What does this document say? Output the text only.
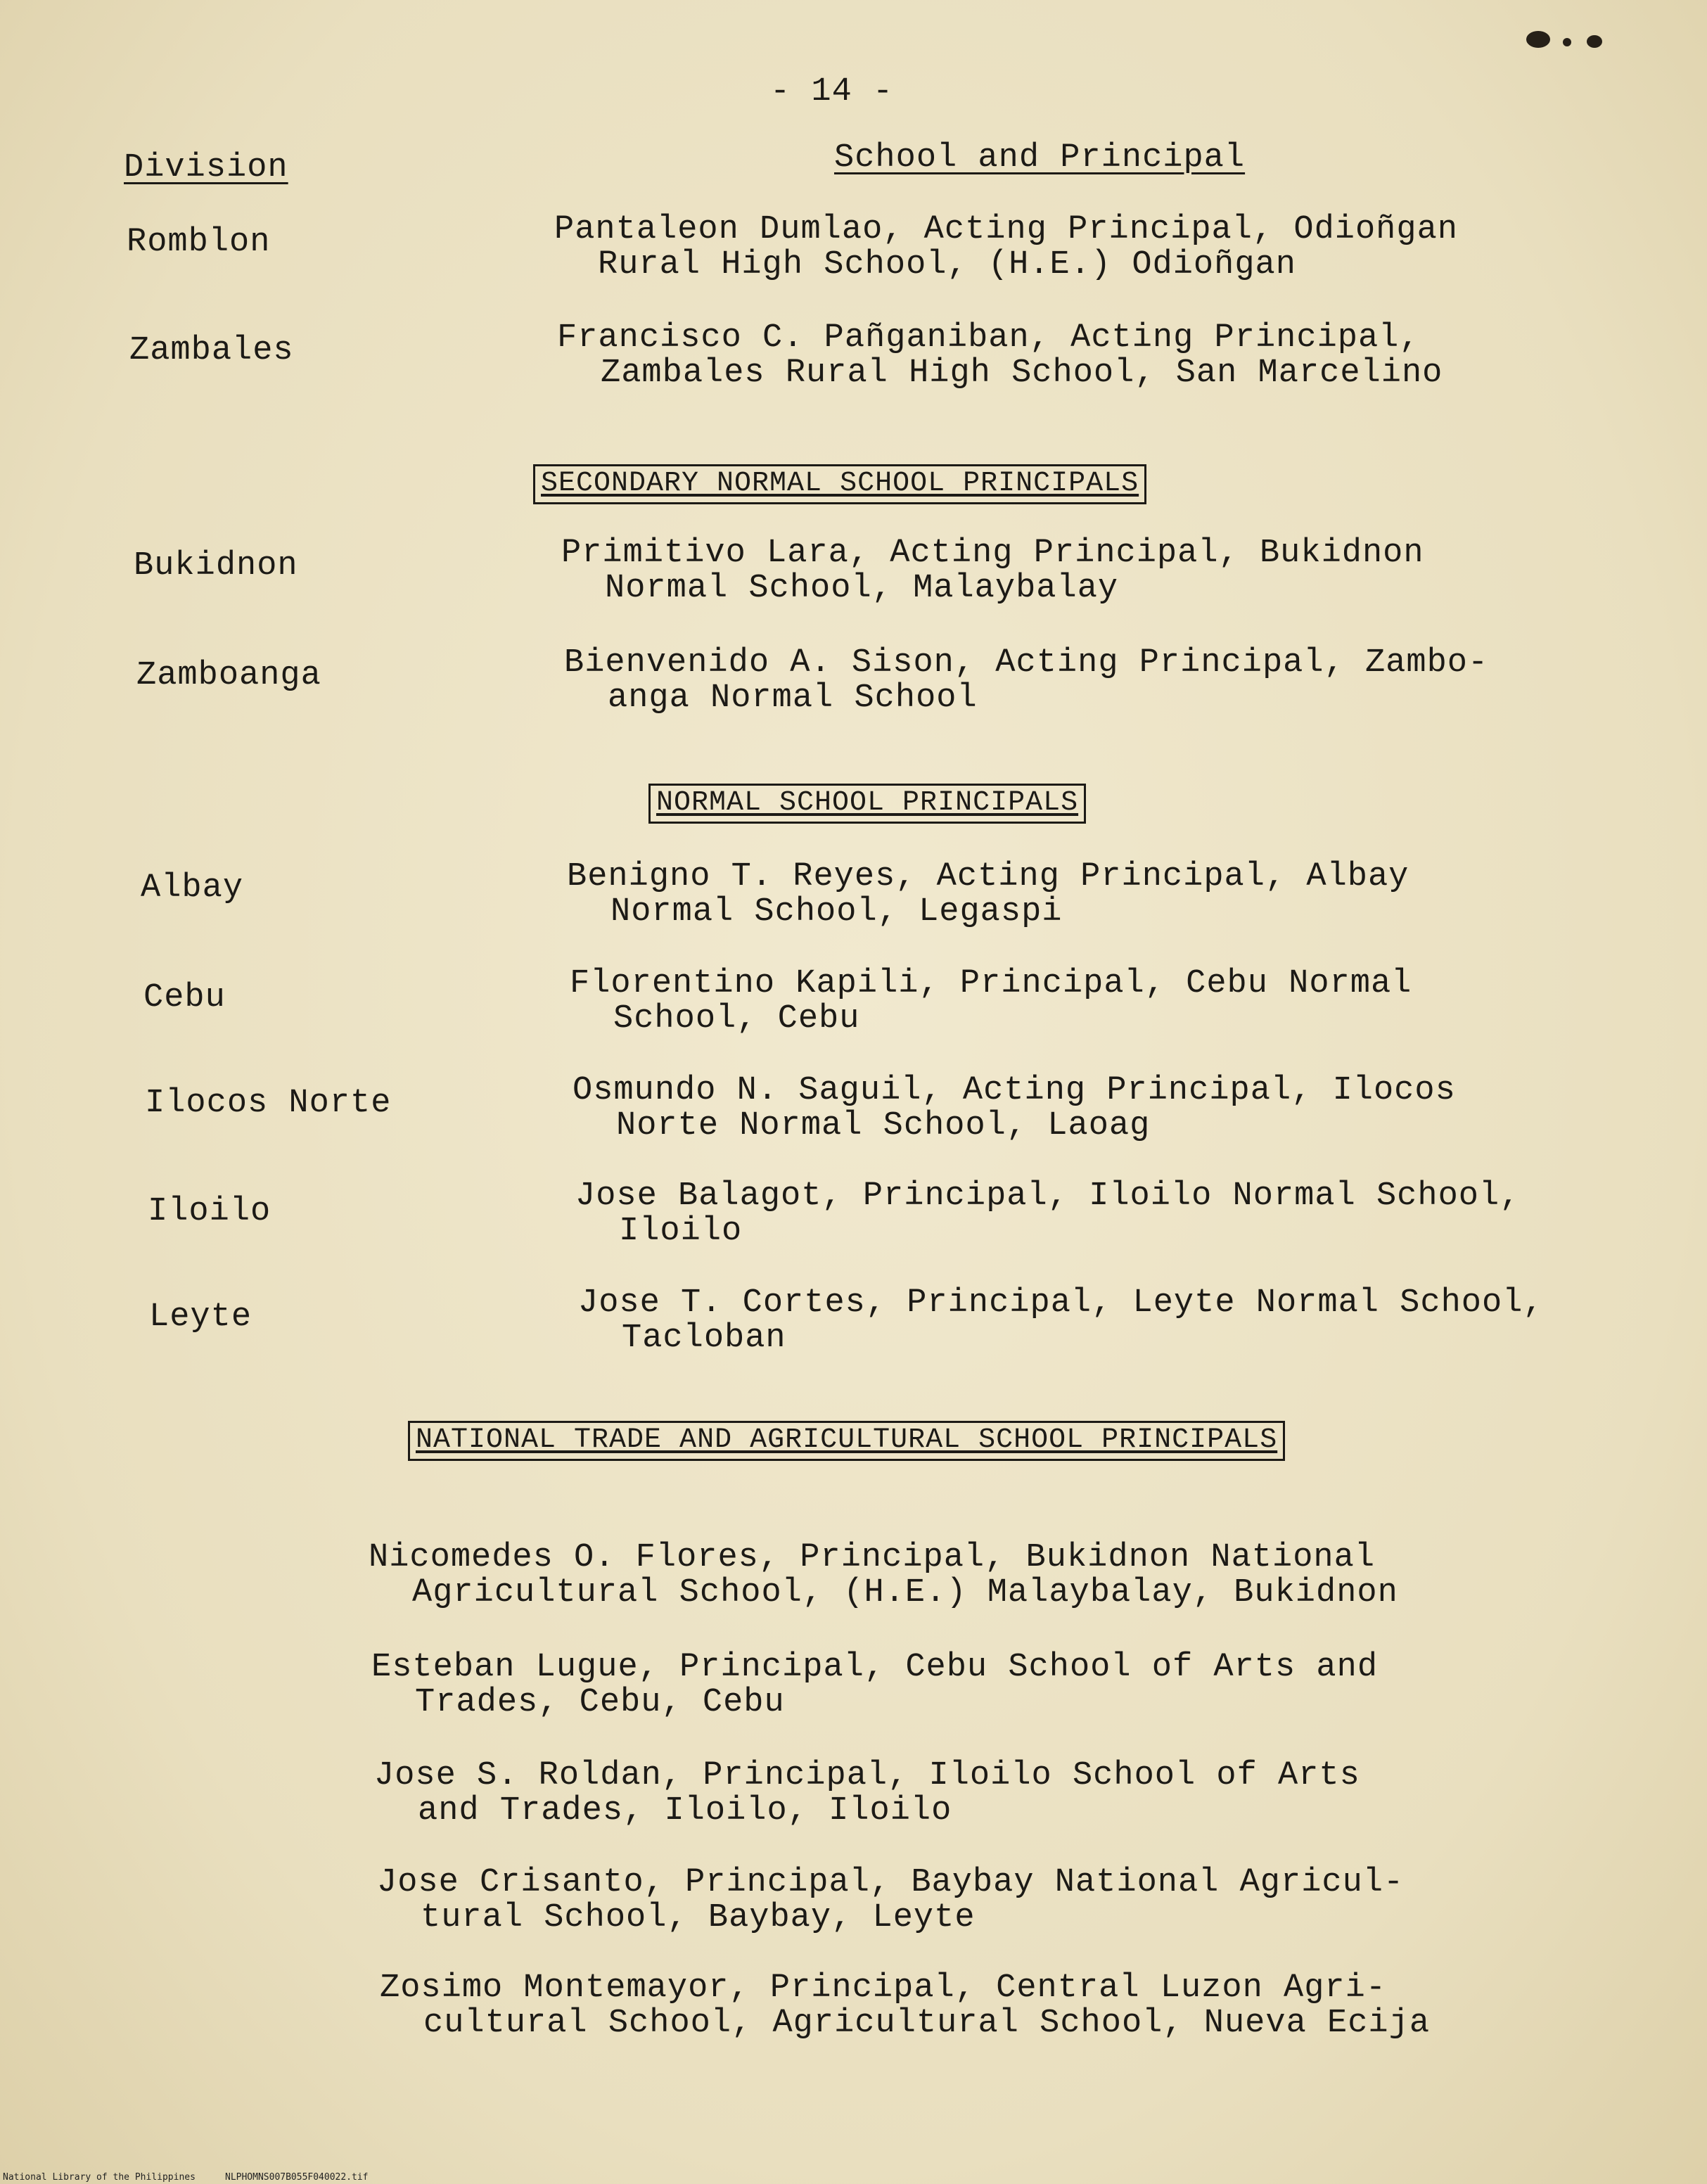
- 14 -
Division	School and Principal
Romblon	Pantaleon Dumlao, Acting Principal, Odioñgan
Rural High School, (H.E.) Odioñgan
Zambales	Francisco C. Pañganiban, Acting Principal,
Zambales Rural High School, San Marcelino
SECONDARY NORMAL SCHOOL PRINCIPALS
Bukidnon	Primitivo Lara, Acting Principal, Bukidnon
Normal School, Malaybalay
Zamboanga	Bienvenido A. Sison, Acting Principal, Zambo-
anga Normal School
NORMAL SCHOOL PRINCIPALS
Albay	Benigno T. Reyes, Acting Principal, Albay
Normal School, Legaspi
Cebu	Florentino Kapili, Principal, Cebu Normal
School, Cebu
Ilocos Norte	Osmundo N. Saguil, Acting Principal, Ilocos
Norte Normal School, Laoag
Iloilo	Jose Balagot, Principal, Iloilo Normal School,
Iloilo
Leyte	Jose T. Cortes, Principal, Leyte Normal School,
Tacloban
NATIONAL TRADE AND AGRICULTURAL SCHOOL PRINCIPALS
Nicomedes O. Flores, Principal, Bukidnon National
Agricultural School, (H.E.) Malaybalay, Bukidnon
Esteban Lugue, Principal, Cebu School of Arts and
Trades, Cebu, Cebu
Jose S. Roldan, Principal, Iloilo School of Arts
and Trades, Iloilo, Iloilo
Jose Crisanto, Principal, Baybay National Agricul-
tural School, Baybay, Leyte
Zosimo Montemayor, Principal, Central Luzon Agri-
cultural School, Agricultural School, Nueva Ecija
National Library of the Philippines	NLPHOMNS007B055F040022.tif
